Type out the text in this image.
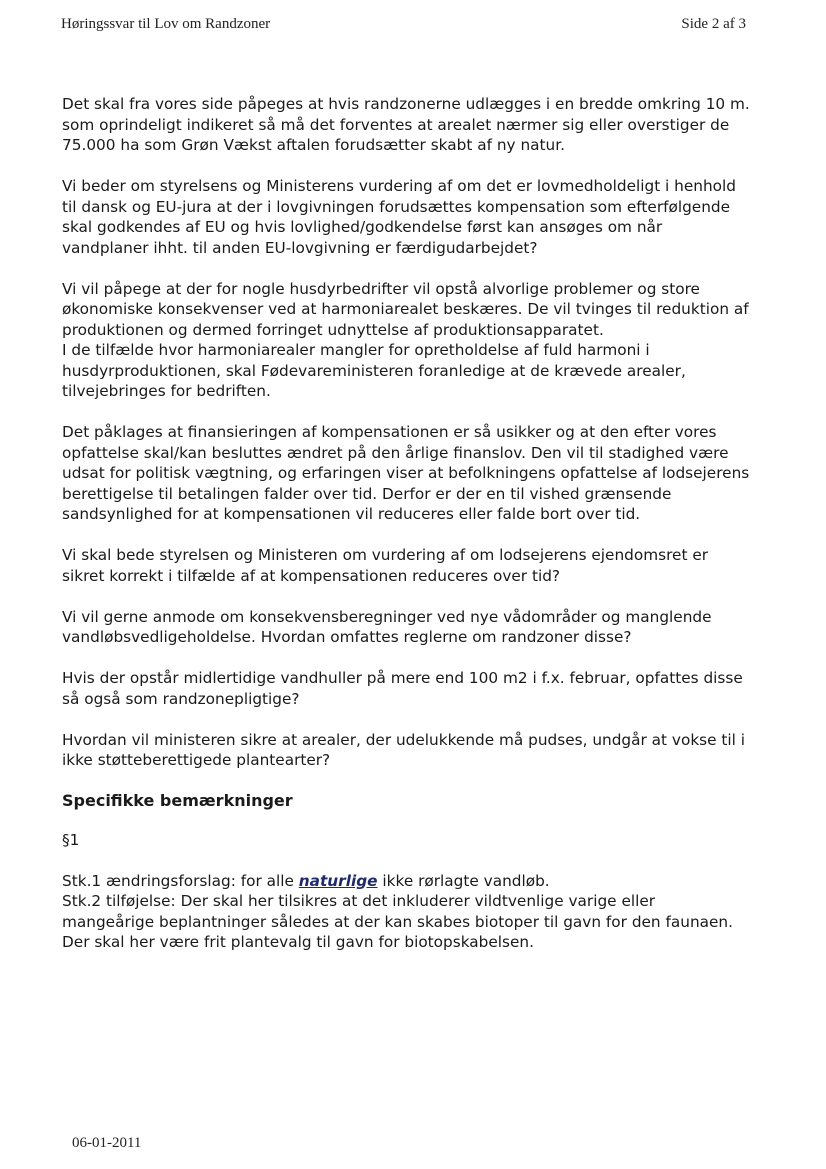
Høringssvar til Lov om Randzoner	Side 2 af 3

Det skal fra vores side påpeges at hvis randzonerne udlægges i en bredde omkring 10 m. som oprindeligt indikeret så må det forventes at arealet nærmer sig eller overstiger de 75.000 ha som Grøn Vækst aftalen forudsætter skabt af ny natur.

Vi beder om styrelsens og Ministerens vurdering af om det er lovmedholdeligt i henhold til dansk og EU-jura at der i lovgivningen forudsættes kompensation som efterfølgende skal godkendes af EU og hvis lovlighed/godkendelse først kan ansøges om når vandplaner ihht. til anden EU-lovgivning er færdigudarbejdet?

Vi vil påpege at der for nogle husdyrbedrifter vil opstå alvorlige problemer og store økonomiske konsekvenser ved at harmoniarealet beskæres. De vil tvinges til reduktion af produktionen og dermed forringet udnyttelse af produktionsapparatet.

I de tilfælde hvor harmoniarealer mangler for opretholdelse af fuld harmoni i husdyrproduktionen, skal Fødevareministeren foranledige at de krævede arealer, tilvejebringes for bedriften.

Det påklages at finansieringen af kompensationen er så usikker og at den efter vores opfattelse skal/kan besluttes ændret på den årlige finanslov. Den vil til stadighed være udsat for politisk vægtning, og erfaringen viser at befolkningens opfattelse af lodsejerens berettigelse til betalingen falder over tid. Derfor er der en til vished grænsende sandsynlighed for at kompensationen vil reduceres eller falde bort over tid.

Vi skal bede styrelsen og Ministeren om vurdering af om lodsejerens ejendomsret er sikret korrekt i tilfælde af at kompensationen reduceres over tid?

Vi vil gerne anmode om konsekvensberegninger ved nye vådområder og manglende vandløbsvedligeholdelse. Hvordan omfattes reglerne om randzoner disse?

Hvis der opstår midlertidige vandhuller på mere end 100 m2 i f.x. februar, opfattes disse så også som randzonepligtige?

Hvordan vil ministeren sikre at arealer, der udelukkende må pudses, undgår at vokse til i ikke støtteberettigede plantearter?

Specifikke bemærkninger

§1

Stk.1 ændringsforslag: for alle naturlige ikke rørlagte vandløb.

Stk.2 tilføjelse: Der skal her tilsikres at det inkluderer vildtvenlige varige eller mangeårige beplantninger således at der kan skabes biotoper til gavn for den faunaen. Der skal her være frit plantevalg til gavn for biotopskabelsen.

06-01-2011
